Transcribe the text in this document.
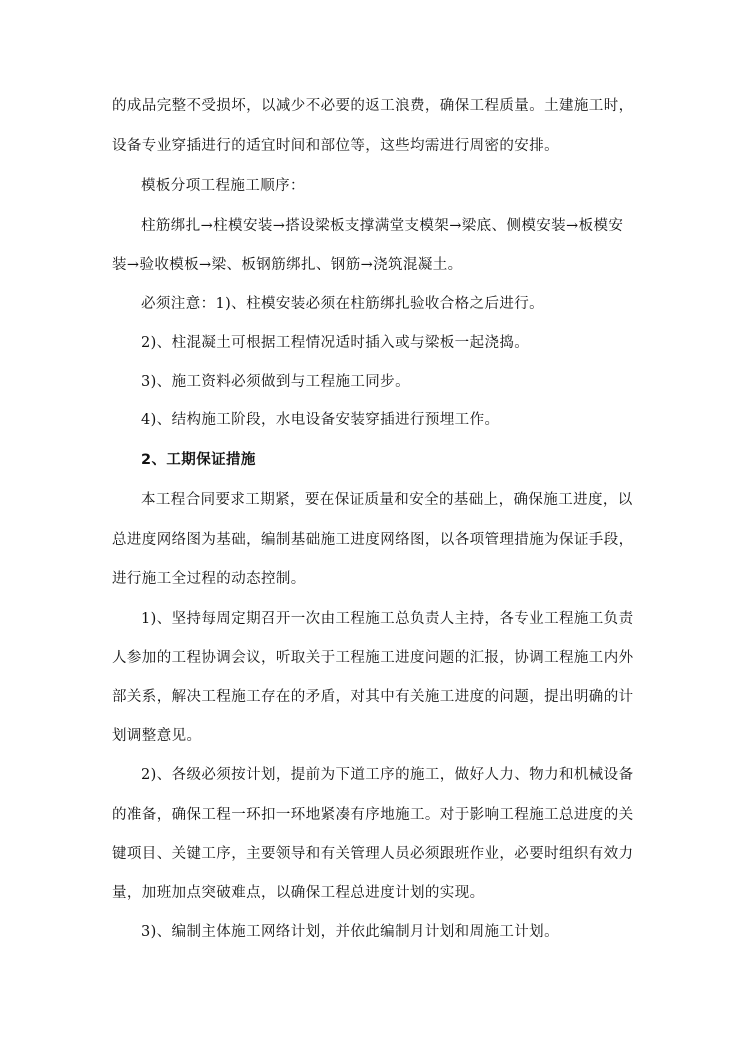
的成品完整不受损坏，以减少不必要的返工浪费，确保工程质量。土建施工时，
设备专业穿插进行的适宜时间和部位等，这些均需进行周密的安排。
模板分项工程施工顺序：
柱筋绑扎→柱模安装→搭设梁板支撑满堂支模架→梁底、侧模安装→板模安
装→验收模板→梁、板钢筋绑扎、钢筋→浇筑混凝土。
必须注意：1)、柱模安装必须在柱筋绑扎验收合格之后进行。
2)、柱混凝土可根据工程情况适时插入或与梁板一起浇捣。
3)、施工资料必须做到与工程施工同步。
4)、结构施工阶段，水电设备安装穿插进行预埋工作。
2、工期保证措施
本工程合同要求工期紧，要在保证质量和安全的基础上，确保施工进度，以
总进度网络图为基础，编制基础施工进度网络图，以各项管理措施为保证手段，
进行施工全过程的动态控制。
1)、坚持每周定期召开一次由工程施工总负责人主持，各专业工程施工负责
人参加的工程协调会议，听取关于工程施工进度问题的汇报，协调工程施工内外
部关系，解决工程施工存在的矛盾，对其中有关施工进度的问题，提出明确的计
划调整意见。
2)、各级必须按计划，提前为下道工序的施工，做好人力、物力和机械设备
的准备，确保工程一环扣一环地紧凑有序地施工。对于影响工程施工总进度的关
键项目、关键工序，主要领导和有关管理人员必须跟班作业，必要时组织有效力
量，加班加点突破难点，以确保工程总进度计划的实现。
3)、编制主体施工网络计划，并依此编制月计划和周施工计划。
